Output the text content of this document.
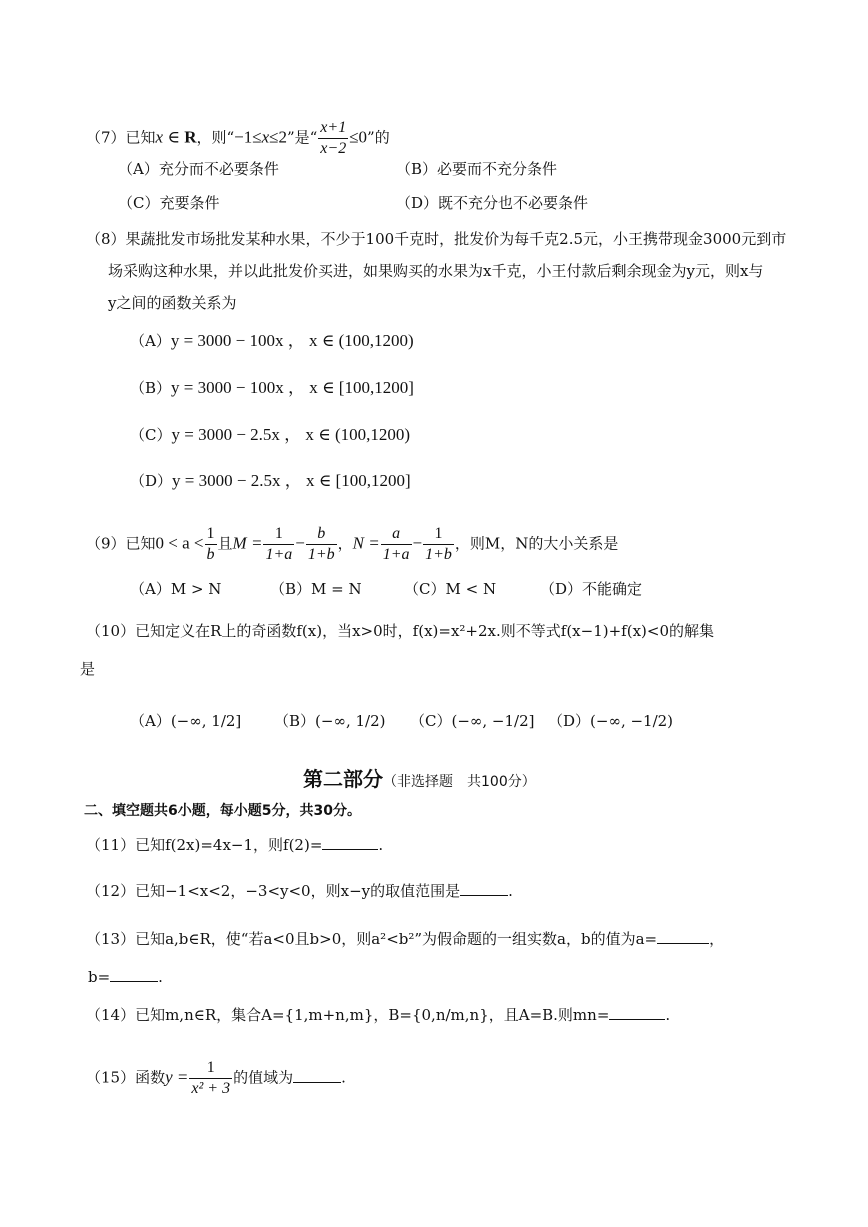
（7）已知x ∈ R，则“−1≤x≤2”是“ $\frac{x+1}{x-2} \le 0$”的
（A）充分而不必要条件	（B）必要而不充分条件
（C）充要条件	（D）既不充分也不必要条件
（8）果蔬批发市场批发某种水果，不少于100千克时，批发价为每千克2.5元，小王携带现金3000元到市
场采购这种水果，并以此批发价买进，如果购买的水果为x千克，小王付款后剩余现金为y元，则x与
y之间的函数关系为
（A）y = 3000 − 100x ， x ∈ (100,1200)
（B）y = 3000 − 100x ， x ∈ [100,1200]
（C）y = 3000 − 2.5x ， x ∈ (100,1200)
（D）y = 3000 − 2.5x ， x ∈ [100,1200]
（9）已知$0 < a < \frac{1}{b}$ 且$M = \frac{1}{1+a} - \frac{b}{1+b}$ ，$N = \frac{a}{1+a} - \frac{1}{1+b}$ ，则M，N的大小关系是
（A）M > N	（B）M = N	（C）M < N	（D）不能确定
（10）已知定义在R上的奇函数f(x)，当x>0时，f(x)=x²+2x.则不等式f(x−1)+f(x)<0的解集
是
（A）(−∞, 1/2] （B）(−∞, 1/2) （C）(−∞, −1/2] （D）(−∞, −1/2)
第二部分（非选择题　共100分）
二、填空题共6小题，每小题5分，共30分。
（11）已知f(2x)=4x−1，则f(2)=	.
（12）已知−1<x<2，−3<y<0，则x−y的取值范围是	.
（13）已知a,b∈R，使“若a<0且b>0，则a²<b²”为假命题的一组实数a，b的值为a=	，
b=	.
（14）已知m,n∈R，集合A={1,m+n,m}，B={0,n/m,n}，且A=B.则mn=	.
（15）函数$y = \frac{1}{\text{x² + 3}}$ 的值域为	.
